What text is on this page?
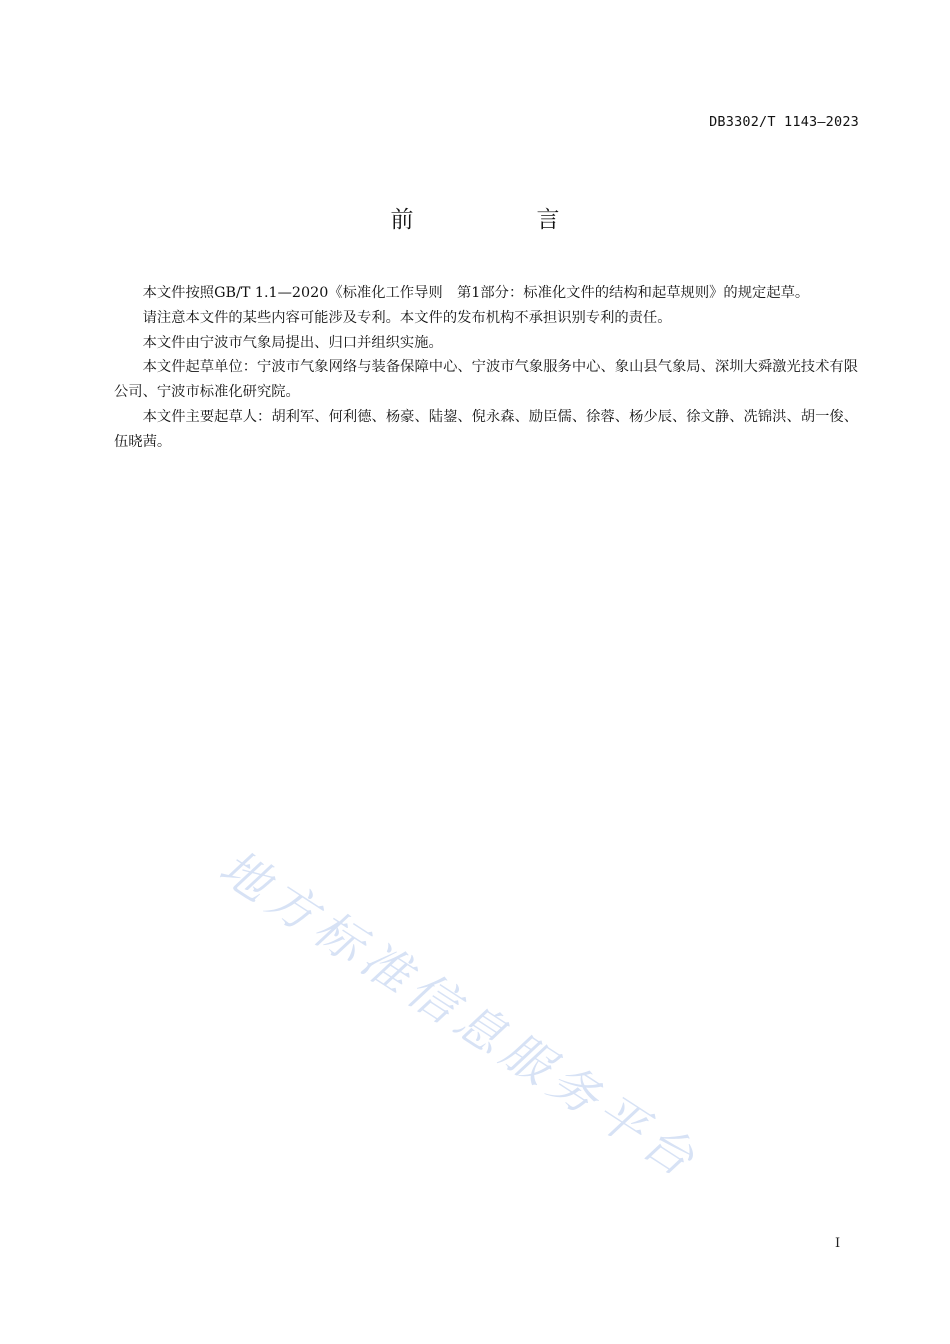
DB3302/T 1143—2023
前　言

本文件按照GB/T 1.1—2020《标准化工作导则　第1部分：标准化文件的结构和起草规则》的规定起草。

请注意本文件的某些内容可能涉及专利。本文件的发布机构不承担识别专利的责任。

本文件由宁波市气象局提出、归口并组织实施。

本文件起草单位：宁波市气象网络与装备保障中心、宁波市气象服务中心、象山县气象局、深圳大舜激光技术有限公司、宁波市标准化研究院。

本文件主要起草人：胡利军、何利德、杨豪、陆鋆、倪永森、励臣儒、徐蓉、杨少辰、徐文静、冼锦洪、胡一俊、伍晓茜。

地方标准信息服务平台
I
